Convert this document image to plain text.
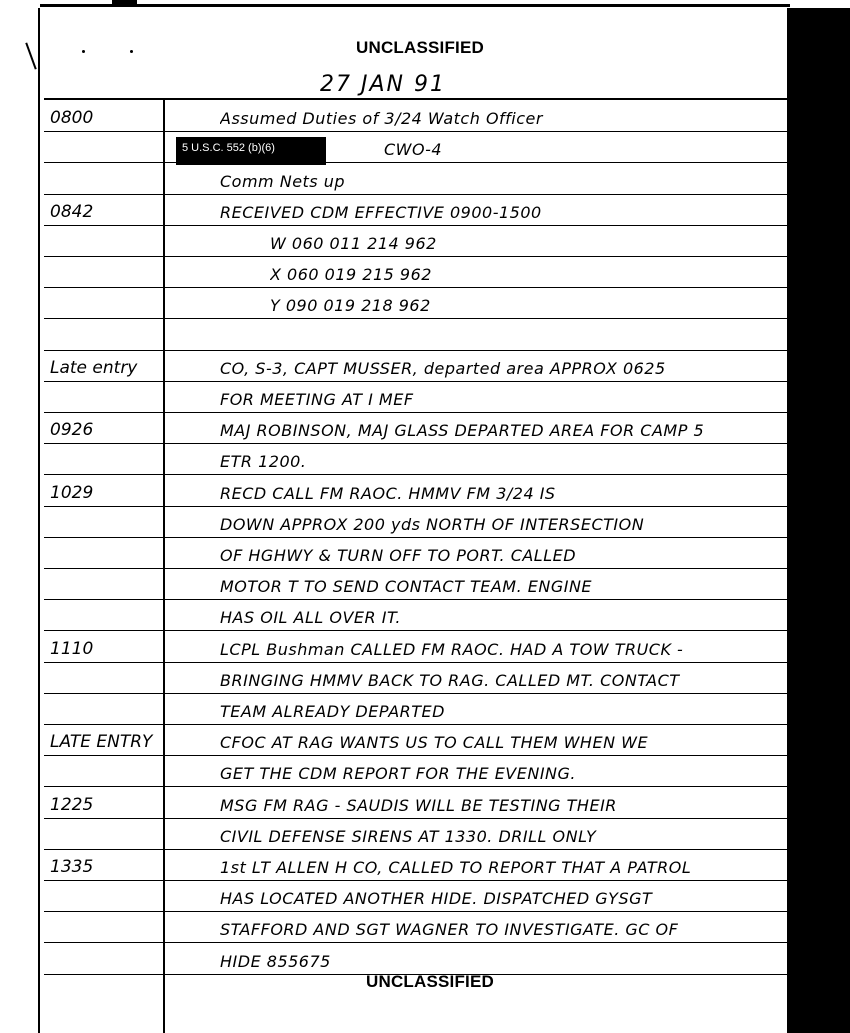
UNCLASSIFIED
27 JAN 91
0800	Assumed Duties of 3/24 Watch Officer
CWO-4
Comm Nets up
0842	RECEIVED CDM EFFECTIVE 0900-1500
W 060 011 214 962
X 060 019 215 962
Y 090 019 218 962
Late entry	CO, S-3, CAPT MUSSER, departed area APPROX 0625
FOR MEETING AT I MEF
0926	MAJ ROBINSON, MAJ GLASS DEPARTED AREA FOR CAMP 5
ETR 1200.
1029	RECD CALL FM RAOC. HMMV FM 3/24 IS
DOWN APPROX 200 yds NORTH OF INTERSECTION
OF HGHWY & TURN OFF TO PORT. CALLED
MOTOR T TO SEND CONTACT TEAM. ENGINE
HAS OIL ALL OVER IT.
1110	LCPL Bushman CALLED FM RAOC. HAD A TOW TRUCK -
BRINGING HMMV BACK TO RAG. CALLED MT. CONTACT
TEAM ALREADY DEPARTED
LATE ENTRY	CFOC AT RAG WANTS US TO CALL THEM WHEN WE
GET THE CDM REPORT FOR THE EVENING.
1225	MSG FM RAG - SAUDIS WILL BE TESTING THEIR
CIVIL DEFENSE SIRENS AT 1330. DRILL ONLY
1335	1st LT ALLEN H CO, CALLED TO REPORT THAT A PATROL
HAS LOCATED ANOTHER HIDE. DISPATCHED GYSGT
STAFFORD AND SGT WAGNER TO INVESTIGATE. GC OF
HIDE 855675
5 U.S.C. 552 (b)(6)
UNCLASSIFIED
